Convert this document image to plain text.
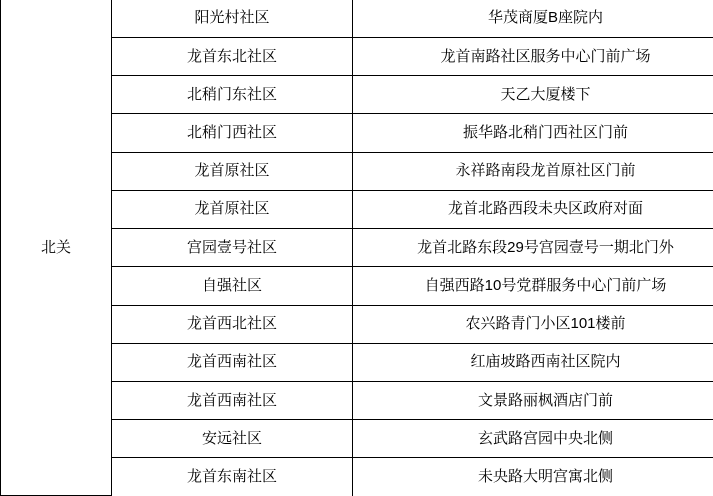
北关	阳光村社区	华茂商厦B座院内
	龙首东北社区	龙首南路社区服务中心门前广场
	北稍门东社区	天乙大厦楼下
	北稍门西社区	振华路北稍门西社区门前
	龙首原社区	永祥路南段龙首原社区门前
	龙首原社区	龙首北路西段未央区政府对面
	宫园壹号社区	龙首北路东段29号宫园壹号一期北门外
	自强社区	自强西路10号党群服务中心门前广场
	龙首西北社区	农兴路青门小区101楼前
	龙首西南社区	红庙坡路西南社区院内
	龙首西南社区	文景路丽枫酒店门前
	安远社区	玄武路宫园中央北侧
	龙首东南社区	未央路大明宫寓北侧
